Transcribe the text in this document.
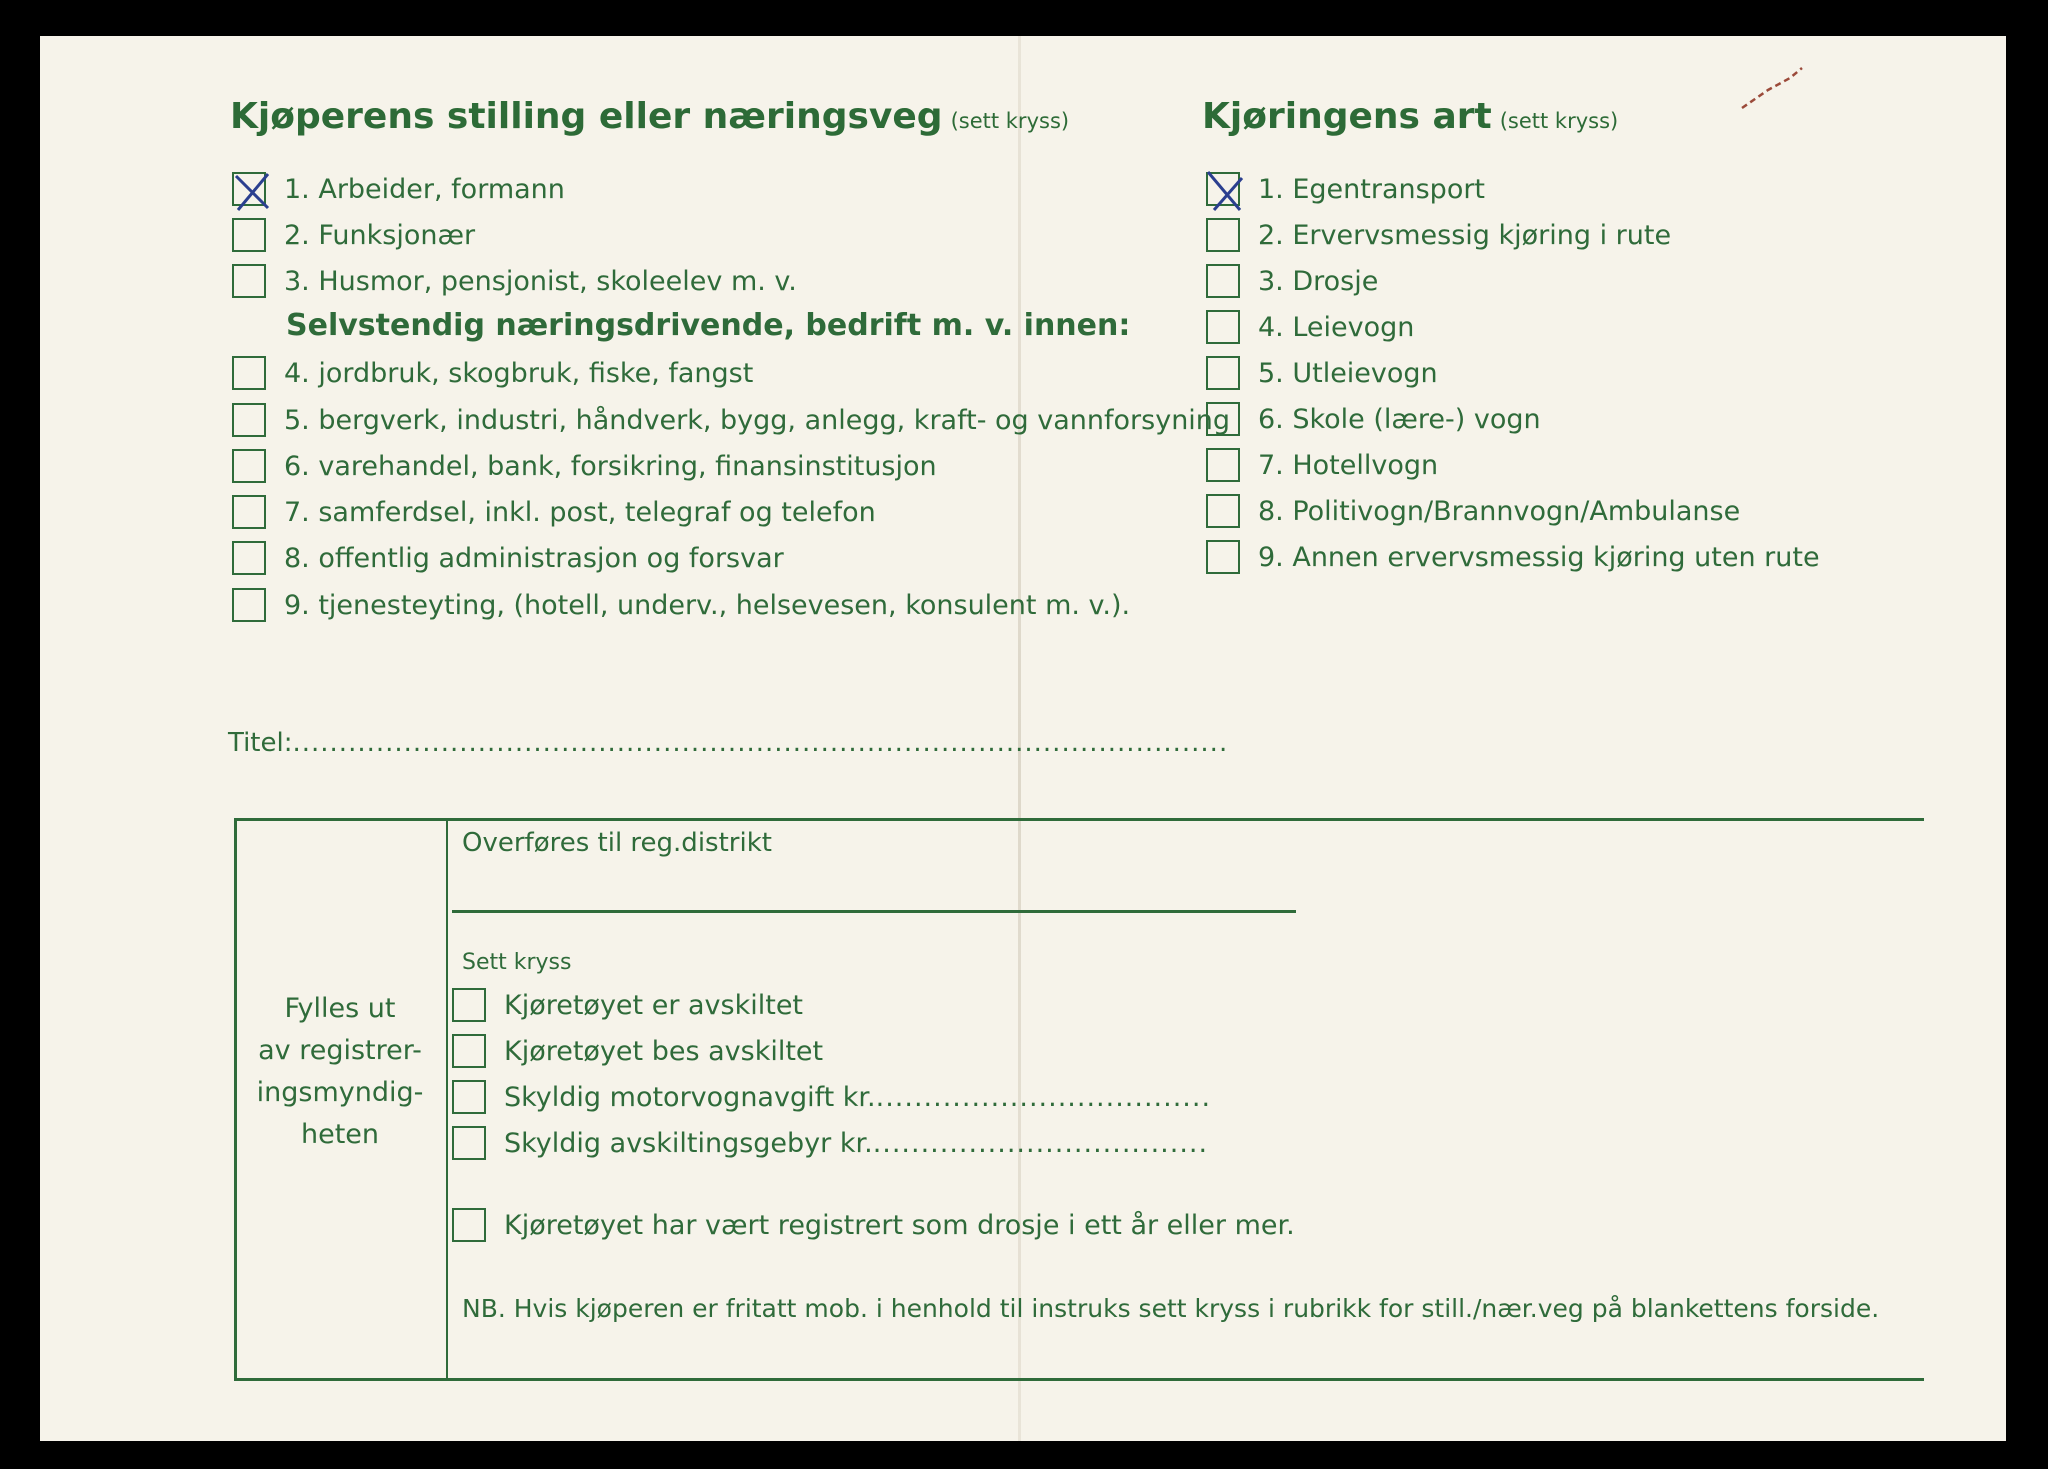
Kjøperens stilling eller næringsveg (sett kryss)
1. Arbeider, formann
2. Funksjonær
3. Husmor, pensjonist, skoleelev m. v.
Selvstendig næringsdrivende, bedrift m. v. innen:
4. jordbruk, skogbruk, fiske, fangst
5. bergverk, industri, håndverk, bygg, anlegg, kraft- og vannforsyning
6. varehandel, bank, forsikring, finansinstitusjon
7. samferdsel, inkl. post, telegraf og telefon
8. offentlig administrasjon og forsvar
9. tjenesteyting, (hotell, underv., helsevesen, konsulent m. v.).
Titel:.....................................................................................................
Kjøringens art (sett kryss)
1. Egentransport
2. Ervervsmessig kjøring i rute
3. Drosje
4. Leievogn
5. Utleievogn
6. Skole (lære-) vogn
7. Hotellvogn
8. Politivogn/Brannvogn/Ambulanse
9. Annen ervervsmessig kjøring uten rute
Fylles ut
av registrer-
ingsmyndig-
heten
Overføres til reg.distrikt
Sett kryss
Kjøretøyet er avskiltet
Kjøretøyet bes avskiltet
Skyldig motorvognavgift kr. ...................................
Skyldig avskiltingsgebyr kr. ...................................
Kjøretøyet har vært registrert som drosje i ett år eller mer.
NB. Hvis kjøperen er fritatt mob. i henhold til instruks sett kryss i rubrikk for still./nær.veg på blankettens forside.
